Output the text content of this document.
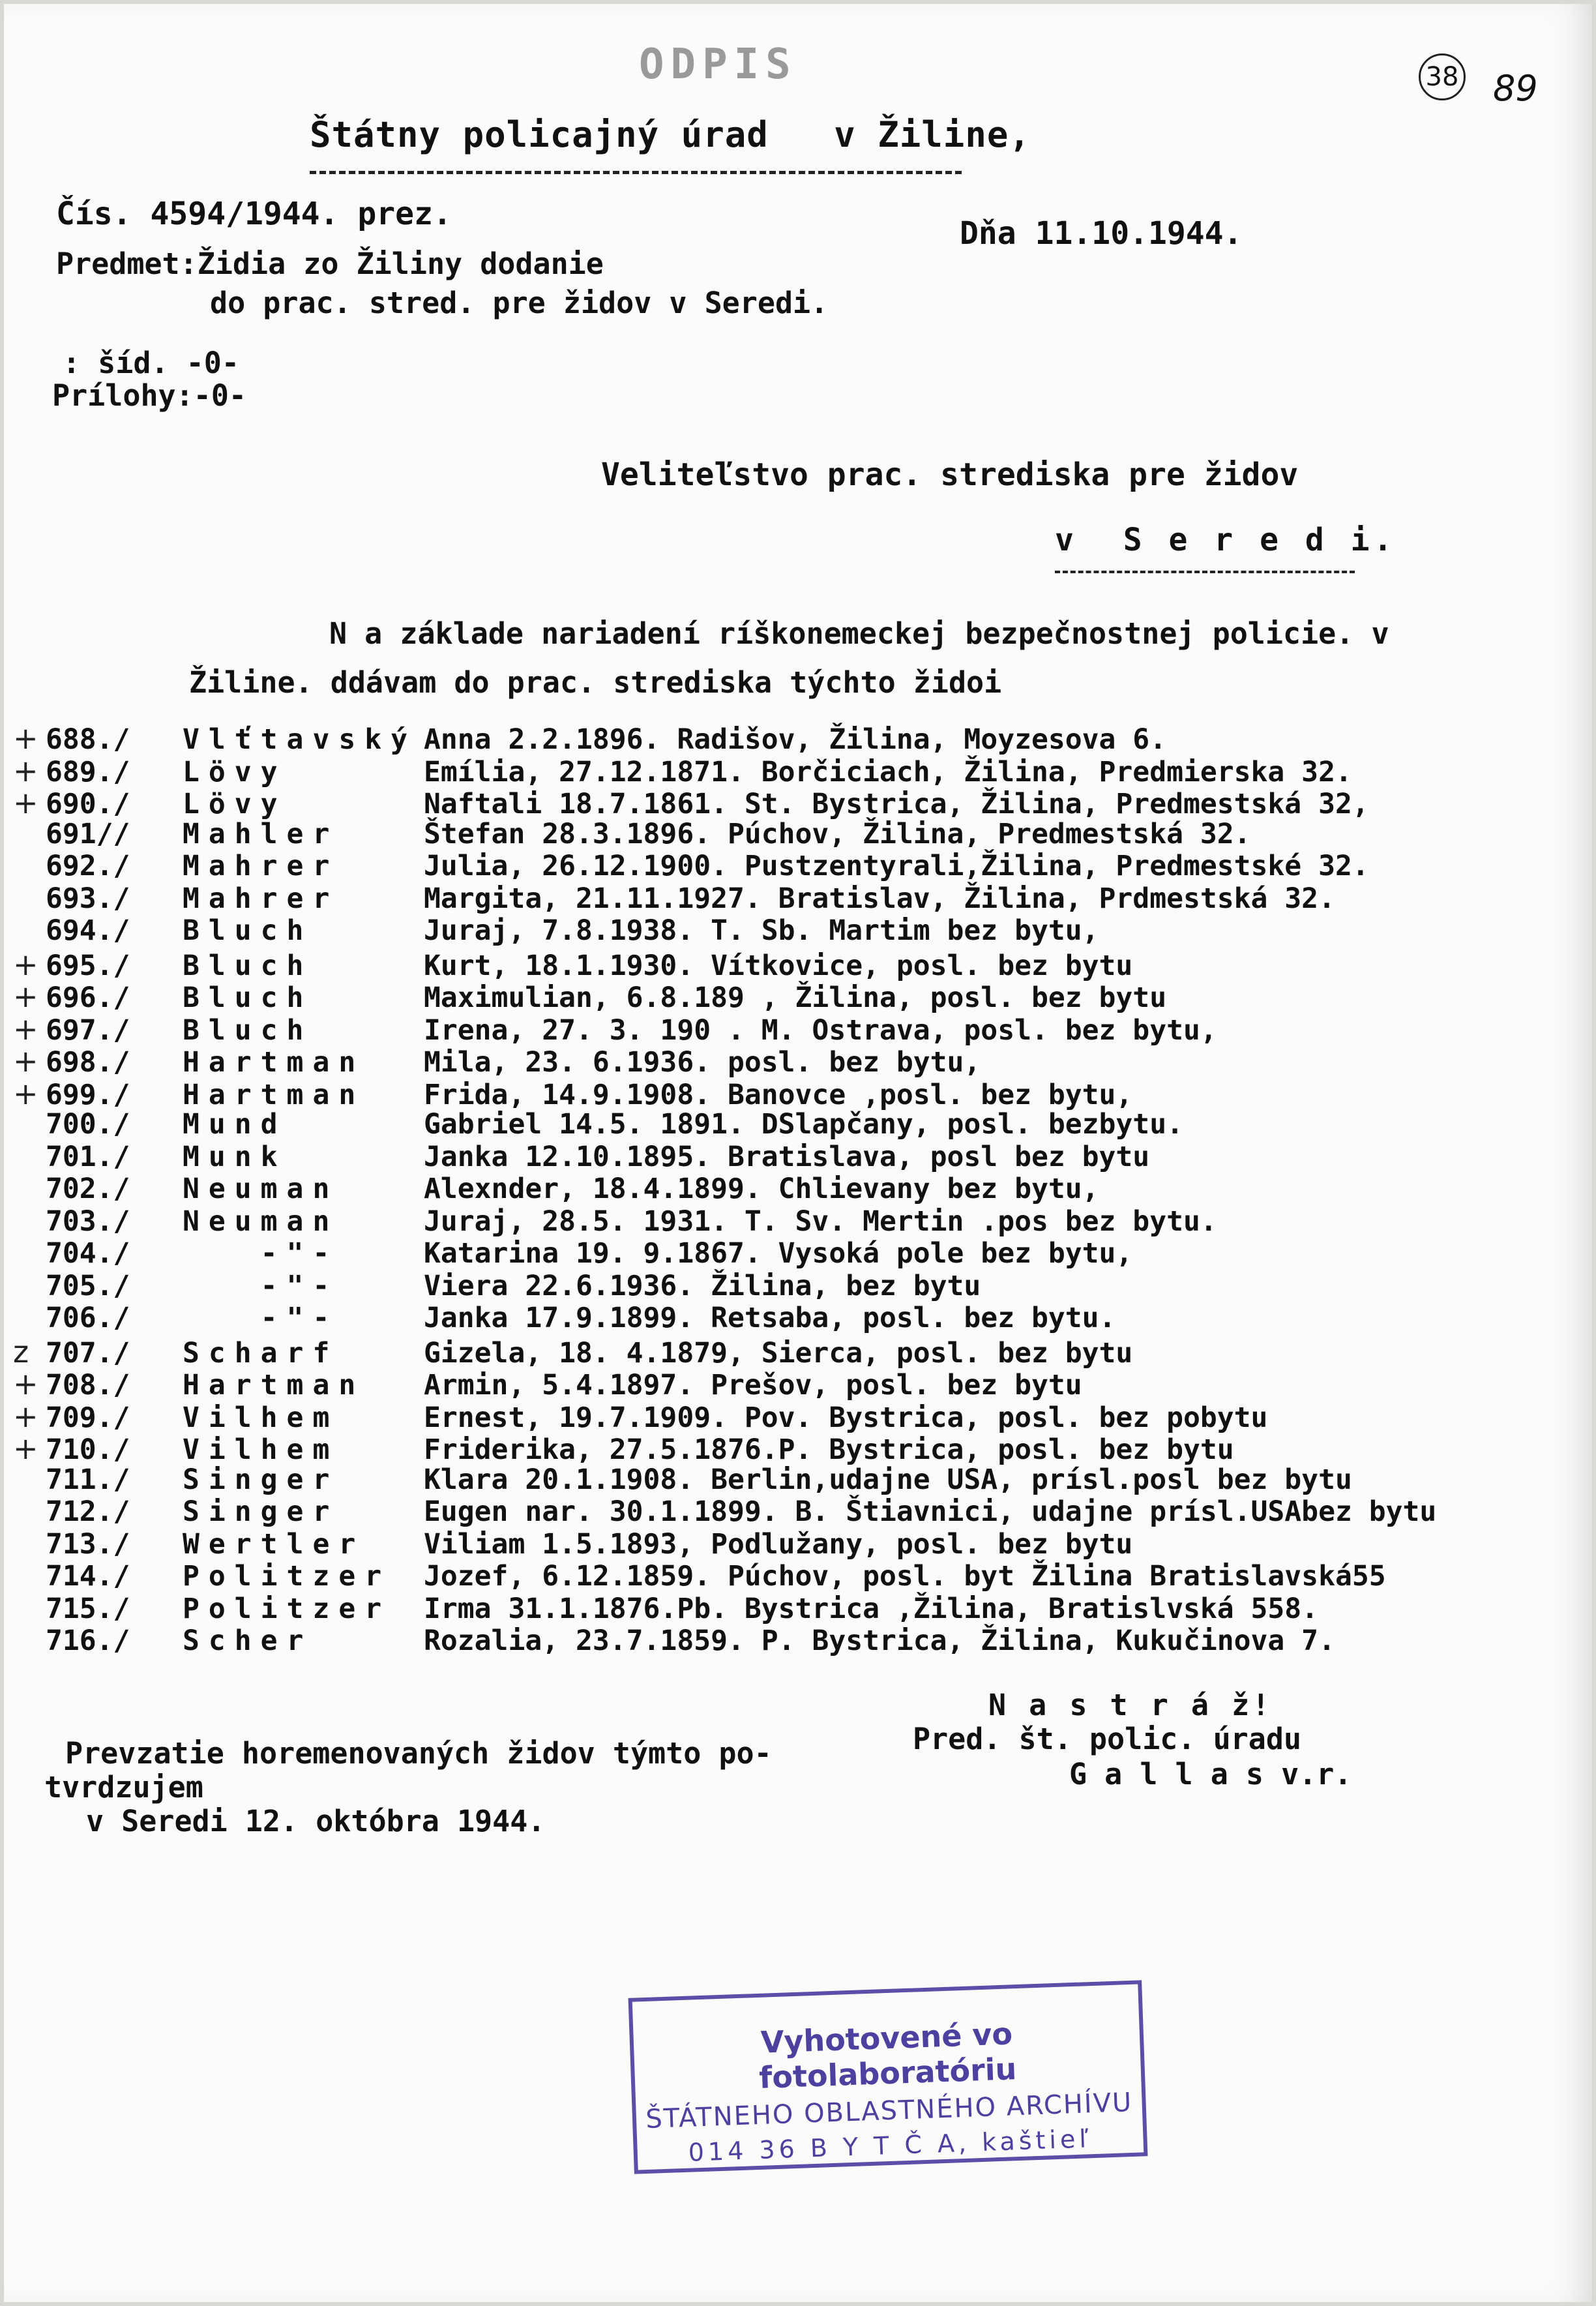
ODPIS	38 89
Štátny policajný úrad   v Žiline,
Čís. 4594/1944. prez.
Dňa 11.10.1944.
Predmet:Židia zo Žiliny dodanie
do prac. stred. pre židov v Seredi.
: šíd. -0-
Prílohy:-0-
Veliteľstvo prac. strediska pre židov
v  S e r e d i.
N a základe nariadení ríškonemeckej bezpečnostnej policie. v
Žiline. ddávam do prac. strediska týchto židoi
+ 688./	Vlťtavský Anna 2.2.1896. Radišov, Žilina, Moyzesova 6.
+ 689./	Lövy	Emília, 27.12.1871. Borčiciach, Žilina, Predmierska 32.
+ 690./	Lövy	Naftali 18.7.1861. St. Bystrica, Žilina, Predmestská 32,
691//	Mahler	Štefan 28.3.1896. Púchov, Žilina, Predmestská 32.
692./	Mahrer	Julia, 26.12.1900. Pustzentyrali,Žilina, Predmestské 32.
693./	Mahrer	Margita, 21.11.1927. Bratislav, Žilina, Prdmestská 32.
694./	Bluch	Juraj, 7.8.1938. T. Sb. Martim bez bytu,
+ 695./	Bluch	Kurt, 18.1.1930. Vítkovice, posl. bez bytu
+ 696./	Bluch	Maximulian, 6.8.189 , Žilina, posl. bez bytu
+ 697./	Bluch	Irena, 27. 3. 190 . M. Ostrava, posl. bez bytu,
+ 698./	Hartman	Mila, 23. 6.1936. posl. bez bytu,
+ 699./	Hartman	Frida, 14.9.1908. Banovce ,posl. bez bytu,
700./	Mund	Gabriel 14.5. 1891. DSlapčany, posl. bezbytu.
701./	Munk	Janka 12.10.1895. Bratislava, posl bez bytu
702./	Neuman	Alexnder, 18.4.1899. Chlievany bez bytu,
703./	Neuman	Juraj, 28.5. 1931. T. Sv. Mertin .pos bez bytu.
704./	-"-	Katarina 19. 9.1867. Vysoká pole bez bytu,
705./	-"-	Viera 22.6.1936. Žilina, bez bytu
706./	-"-	Janka 17.9.1899. Retsaba, posl. bez bytu.
z 707./	Scharf	Gizela, 18. 4.1879, Sierca, posl. bez bytu
+ 708./	Hartman	Armin, 5.4.1897. Prešov, posl. bez bytu
+ 709./	Vilhem	Ernest, 19.7.1909. Pov. Bystrica, posl. bez pobytu
+ 710./	Vilhem	Friderika, 27.5.1876.P. Bystrica, posl. bez bytu
711./	Singer	Klara 20.1.1908. Berlin,udajne USA, prísl.posl bez bytu
712./	Singer	Eugen nar. 30.1.1899. B. Štiavnici, udajne prísl.USAbez bytu
713./	Wertler	Viliam 1.5.1893, Podlužany, posl. bez bytu
714./	Politzer	Jozef, 6.12.1859. Púchov, posl. byt Žilina Bratislavská55
715./	Politzer	Irma 31.1.1876.Pb. Bystrica ,Žilina, Bratislvská 558.
716./	Scher	Rozalia, 23.7.1859. P. Bystrica, Žilina, Kukučinova 7.
N a s t r á ž!
Pred. št. polic. úradu
G a l l a s v.r.
Prevzatie horemenovaných židov týmto po-
tvrdzujem
v Seredi 12. októbra 1944.
Vyhotovené vo fotolaboratóriu
ŠTÁTNEHO OBLASTNÉHO ARCHÍVU
014 36 B Y T Č A, kaštieľ
